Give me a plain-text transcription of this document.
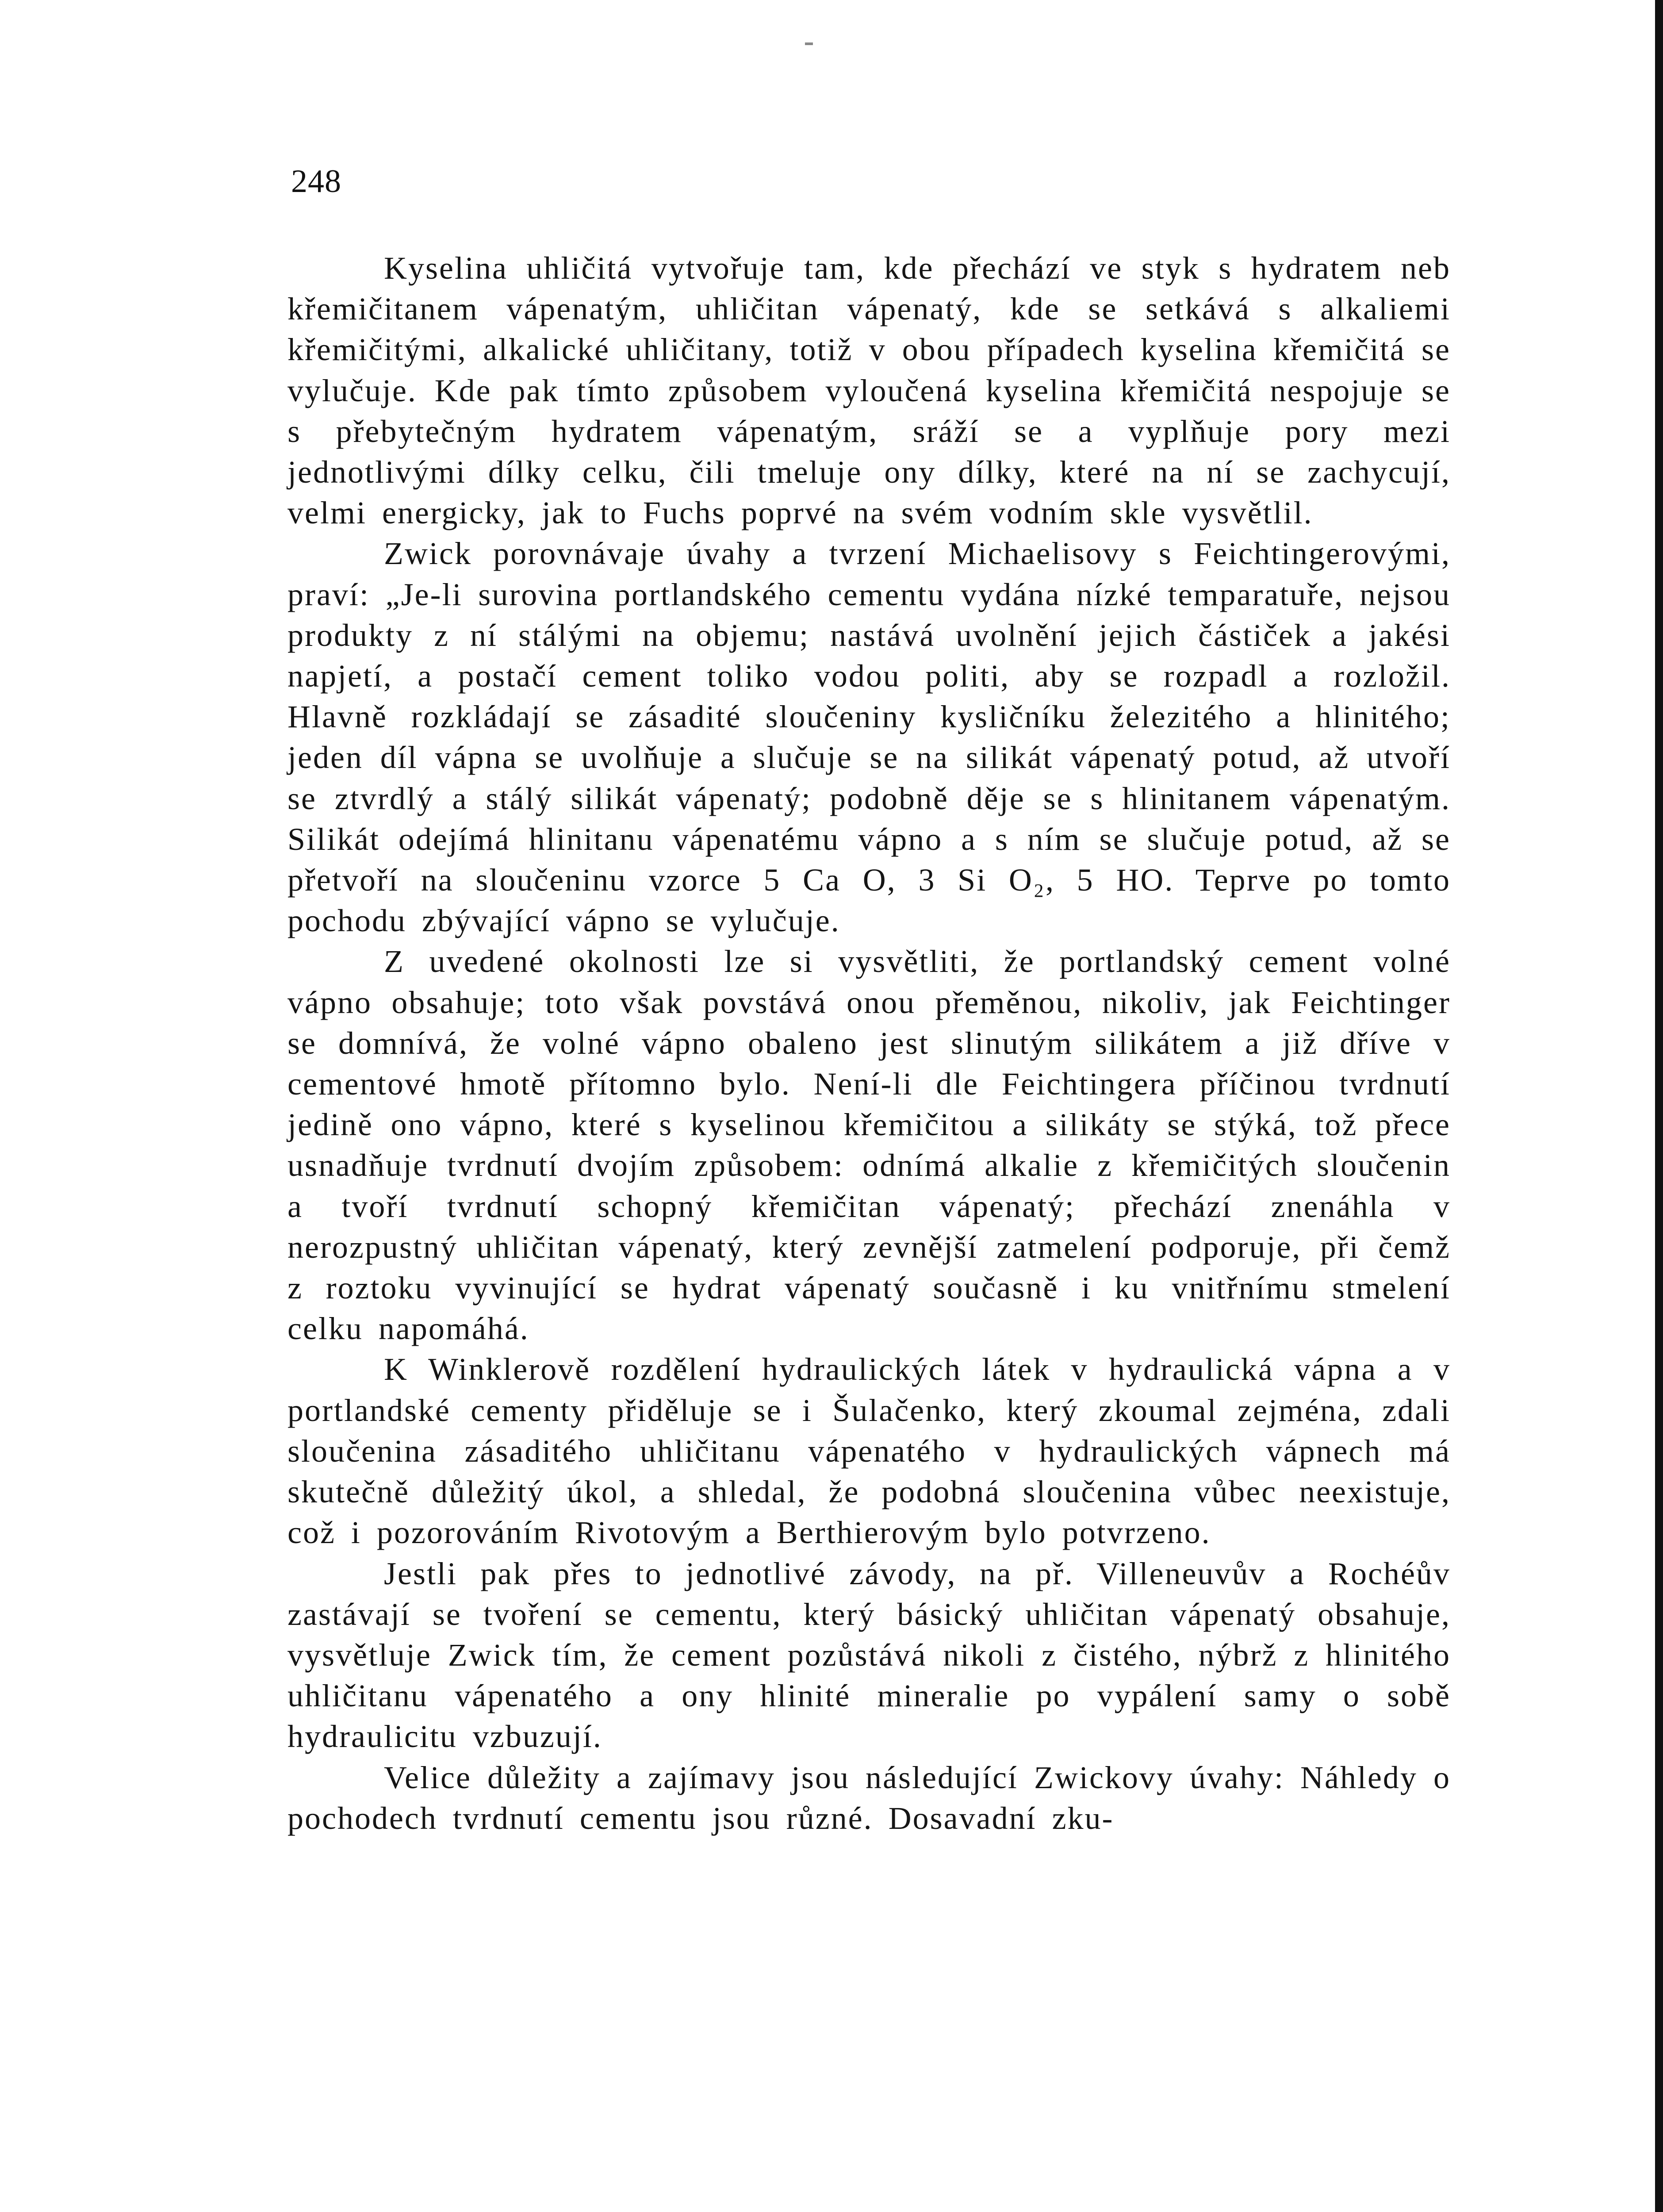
248

Kyselina uhličitá vytvořuje tam, kde přechází ve styk s hydratem neb křemičitanem vápenatým, uhličitan vápenatý, kde se setkává s alkaliemi křemičitými, alkalické uhličitany, totiž v obou případech kyselina křemičitá se vylučuje. Kde pak tímto způsobem vyloučená kyselina křemičitá nespojuje se s přebytečným hydratem vápenatým, sráží se a vyplňuje pory mezi jednotlivými dílky celku, čili tmeluje ony dílky, které na ní se zachycují, velmi energicky, jak to Fuchs poprvé na svém vodním skle vysvětlil.

Zwick porovnávaje úvahy a tvrzení Michaelisovy s Feichtingerovými, praví: „Je-li surovina portlandského cementu vydána nízké temparatuře, nejsou produkty z ní stálými na objemu; nastává uvolnění jejich částiček a jakési napjetí, a postačí cement toliko vodou politi, aby se rozpadl a rozložil. Hlavně rozkládají se zásadité sloučeniny kysličníku železitého a hlinitého; jeden díl vápna se uvolňuje a slučuje se na silikát vápenatý potud, až utvoří se ztvrdlý a stálý silikát vápenatý; podobně děje se s hlinitanem vápenatým. Silikát odejímá hlinitanu vápenatému vápno a s ním se slučuje potud, až se přetvoří na sloučeninu vzorce 5 Ca O, 3 Si O₂, 5 HO. Teprve po tomto pochodu zbývající vápno se vylučuje.

Z uvedené okolnosti lze si vysvětliti, že portlandský cement volné vápno obsahuje; toto však povstává onou přeměnou, nikoliv, jak Feichtinger se domnívá, že volné vápno obaleno jest slinutým silikátem a již dříve v cementové hmotě přítomno bylo. Není-li dle Feichtingera příčinou tvrdnutí jedině ono vápno, které s kyselinou křemičitou a silikáty se stýká, tož přece usnadňuje tvrdnutí dvojím způsobem: odnímá alkalie z křemičitých sloučenin a tvoří tvrdnutí schopný křemičitan vápenatý; přechází znenáhla v nerozpustný uhličitan vápenatý, který zevnější zatmelení podporuje, při čemž z roztoku vyvinující se hydrat vápenatý současně i ku vnitřnímu stmelení celku napomáhá.

K Winklerově rozdělení hydraulických látek v hydraulická vápna a v portlandské cementy přiděluje se i Šulačenko, který zkoumal zejména, zdali sloučenina zásaditého uhličitanu vápenatého v hydraulických vápnech má skutečně důležitý úkol, a shledal, že podobná sloučenina vůbec neexistuje, což i pozorováním Rivotovým a Berthierovým bylo potvrzeno.

Jestli pak přes to jednotlivé závody, na př. Villeneuvův a Rochéův zastávají se tvoření se cementu, který básický uhličitan vápenatý obsahuje, vysvětluje Zwick tím, že cement pozůstává nikoli z čistého, nýbrž z hlinitého uhličitanu vápenatého a ony hlinité mineralie po vypálení samy o sobě hydraulicitu vzbuzují.

Velice důležity a zajímavy jsou následující Zwickovy úvahy: Náhledy o pochodech tvrdnutí cementu jsou různé. Dosavadní zku-
